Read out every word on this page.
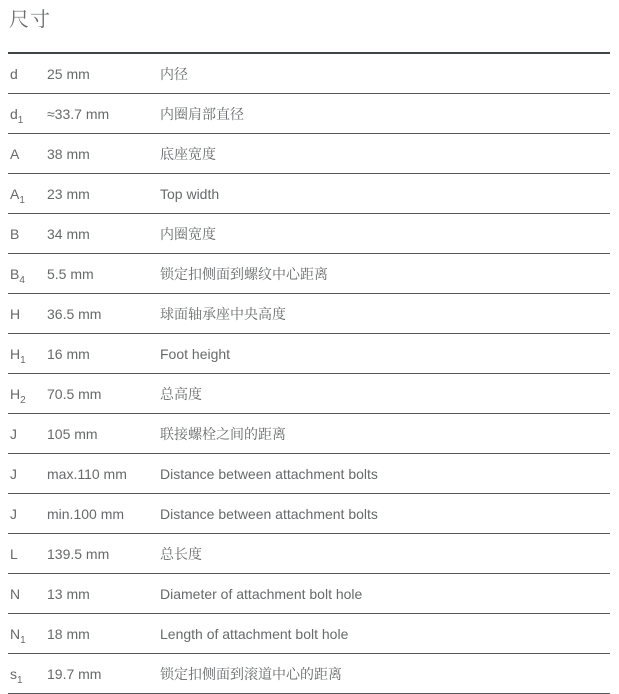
尺寸
d	25 mm	内径
$d_1$	≈33.7 mm	内圈肩部直径
A	38 mm	底座宽度
$A_1$	23 mm	Top width
B	34 mm	内圈宽度
$B_4$	5.5 mm	锁定扣侧面到螺纹中心距离
H	36.5 mm	球面轴承座中央高度
$H_1$	16 mm	Foot height
$H_2$	70.5 mm	总高度
J	105 mm	联接螺栓之间的距离
J	max.110 mm	Distance between attachment bolts
J	min.100 mm	Distance between attachment bolts
L	139.5 mm	总长度
N	13 mm	Diameter of attachment bolt hole
$N_1$	18 mm	Length of attachment bolt hole
$s_1$	19.7 mm	锁定扣侧面到滚道中心的距离
